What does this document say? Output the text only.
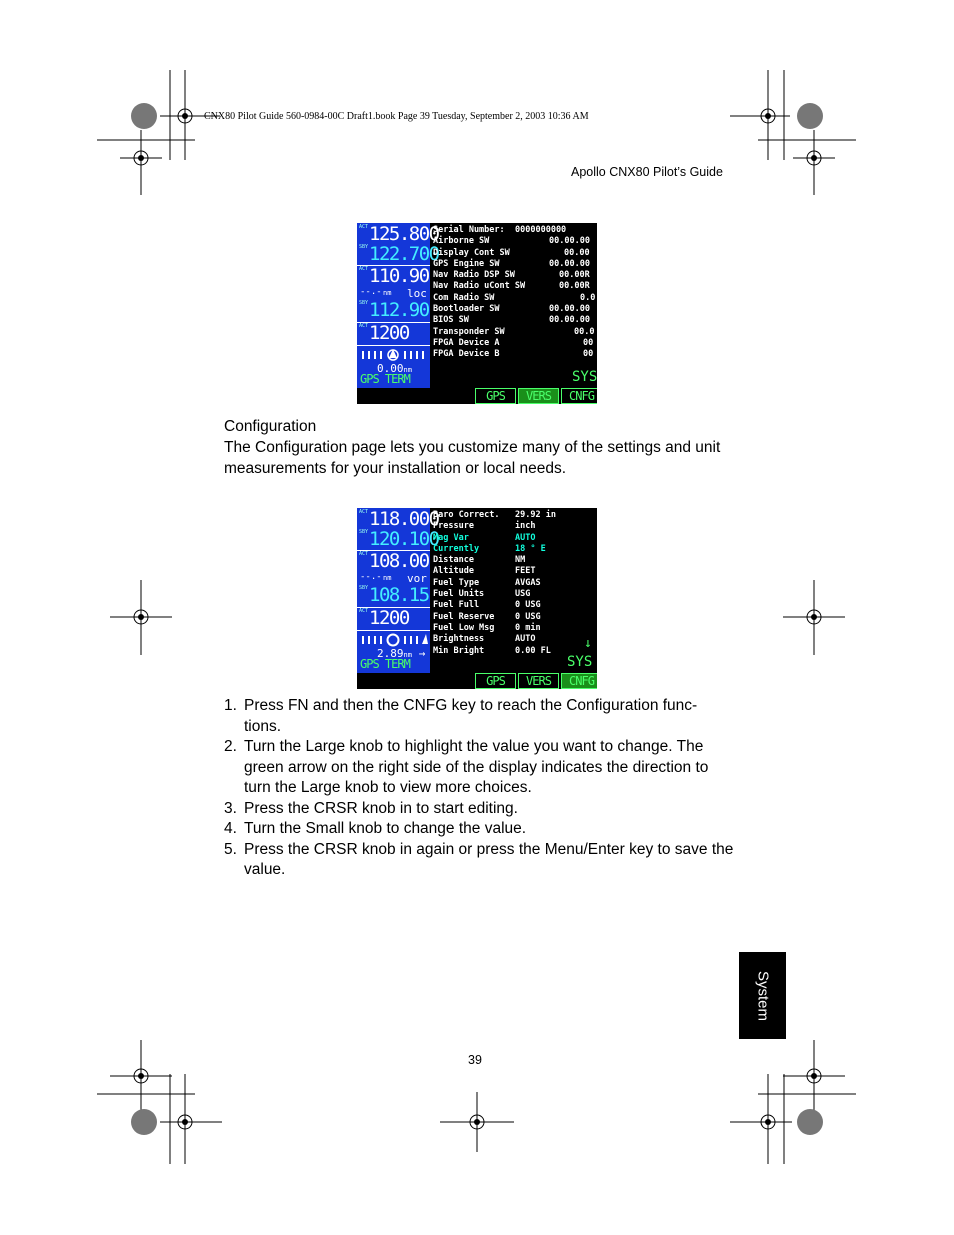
CNX80 Pilot Guide 560-0984-00C Draft1.book Page 39 Tuesday, September 2, 2003 10:36 AM
Apollo CNX80 Pilot’s Guide
ACT 125.800
SBY 122.700
ACT 110.90
--.- nm loc
SBY 112.90
ACT 1200
0.00nm
GPS TERM
Serial Number: 0000000000
Airborne SW	00.00.00
Display Cont SW	00.00
GPS Engine SW	00.00.00
Nav Radio DSP SW	00.00R
Nav Radio uCont SW	00.00R
Com Radio SW	0.0
Bootloader SW	00.00.00
BIOS SW	00.00.00
Transponder SW	00.0
FPGA Device A	00
FPGA Device B	00
SYS
GPS	VERS	CNFG
Configuration
The Configuration page lets you customize many of the settings and unit measurements for your installation or local needs.
ACT 118.000
SBY 120.100
ACT 108.00
--.- nm vor
SBY 108.15
ACT 1200
2.89nm →
GPS TERM
Baro Correct. 29.92 in
Pressure	inch
Mag Var	AUTO
Currently	18 ° E
Distance	NM
Altitude	FEET
Fuel Type	AVGAS
Fuel Units	USG
Fuel Full	0 USG
Fuel Reserve 0 USG
Fuel Low Msg 0 min
Brightness	AUTO
Min Bright	0.00 FL	↓
SYS
GPS	VERS	CNFG
1. Press FN and then the CNFG key to reach the Configuration func-tions.
2. Turn the Large knob to highlight the value you want to change. The green arrow on the right side of the display indicates the direction to turn the Large knob to view more choices.
3. Press the CRSR knob in to start editing.
4. Turn the Small knob to change the value.
5. Press the CRSR knob in again or press the Menu/Enter key to save the value.
System
39
